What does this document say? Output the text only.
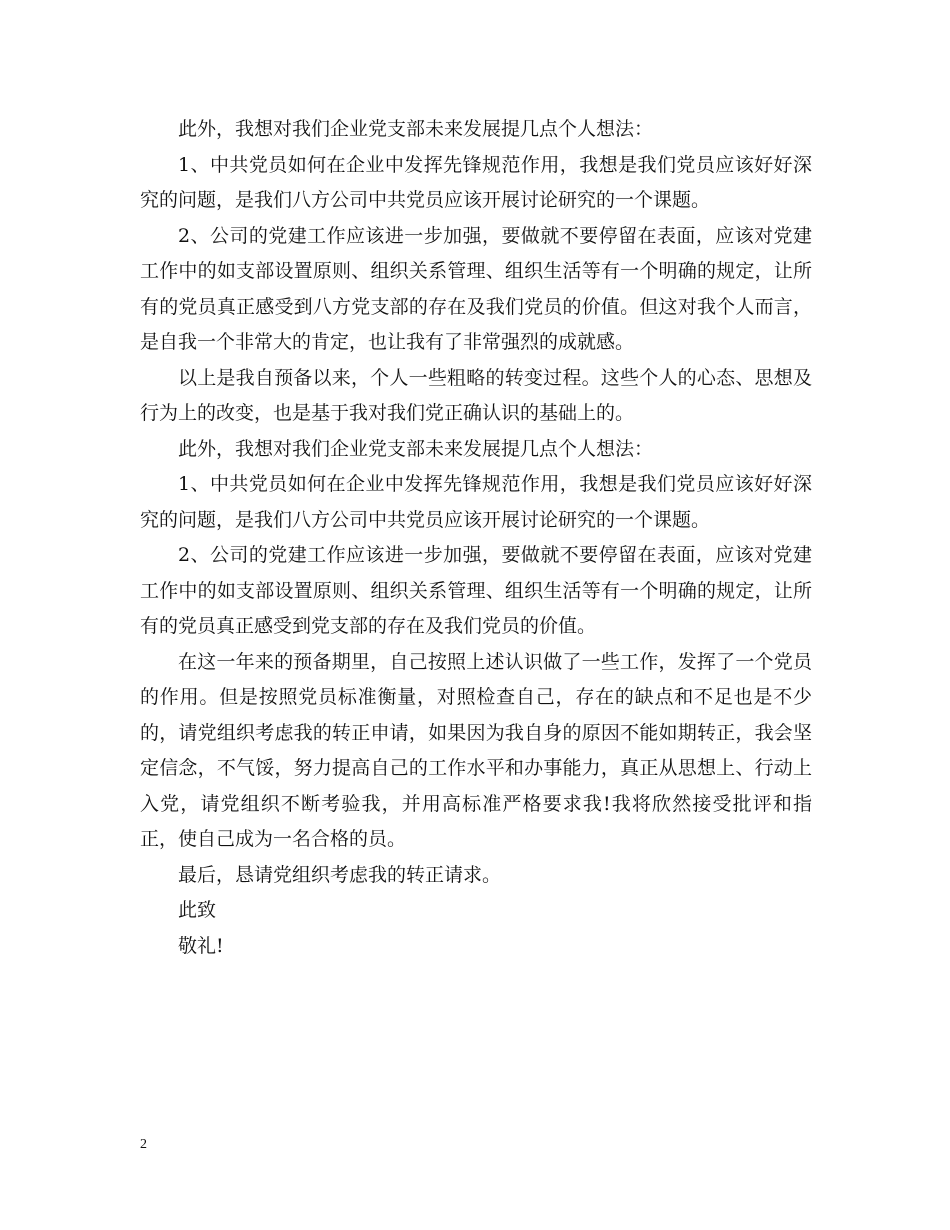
此外，我想对我们企业党支部未来发展提几点个人想法：

1、中共党员如何在企业中发挥先锋规范作用，我想是我们党员应该好好深究的问题，是我们八方公司中共党员应该开展讨论研究的一个课题。

2、公司的党建工作应该进一步加强，要做就不要停留在表面，应该对党建工作中的如支部设置原则、组织关系管理、组织生活等有一个明确的规定，让所有的党员真正感受到八方党支部的存在及我们党员的价值。但这对我个人而言，是自我一个非常大的肯定，也让我有了非常强烈的成就感。

以上是我自预备以来，个人一些粗略的转变过程。这些个人的心态、思想及行为上的改变，也是基于我对我们党正确认识的基础上的。

此外，我想对我们企业党支部未来发展提几点个人想法：

1、中共党员如何在企业中发挥先锋规范作用，我想是我们党员应该好好深究的问题，是我们八方公司中共党员应该开展讨论研究的一个课题。

2、公司的党建工作应该进一步加强，要做就不要停留在表面，应该对党建工作中的如支部设置原则、组织关系管理、组织生活等有一个明确的规定，让所有的党员真正感受到党支部的存在及我们党员的价值。

在这一年来的预备期里，自己按照上述认识做了一些工作，发挥了一个党员的作用。但是按照党员标准衡量，对照检查自己，存在的缺点和不足也是不少的，请党组织考虑我的转正申请，如果因为我自身的原因不能如期转正，我会坚定信念，不气馁，努力提高自己的工作水平和办事能力，真正从思想上、行动上入党，请党组织不断考验我，并用高标准严格要求我!我将欣然接受批评和指正，使自己成为一名合格的员。

最后，恳请党组织考虑我的转正请求。

此致

敬礼!

2
